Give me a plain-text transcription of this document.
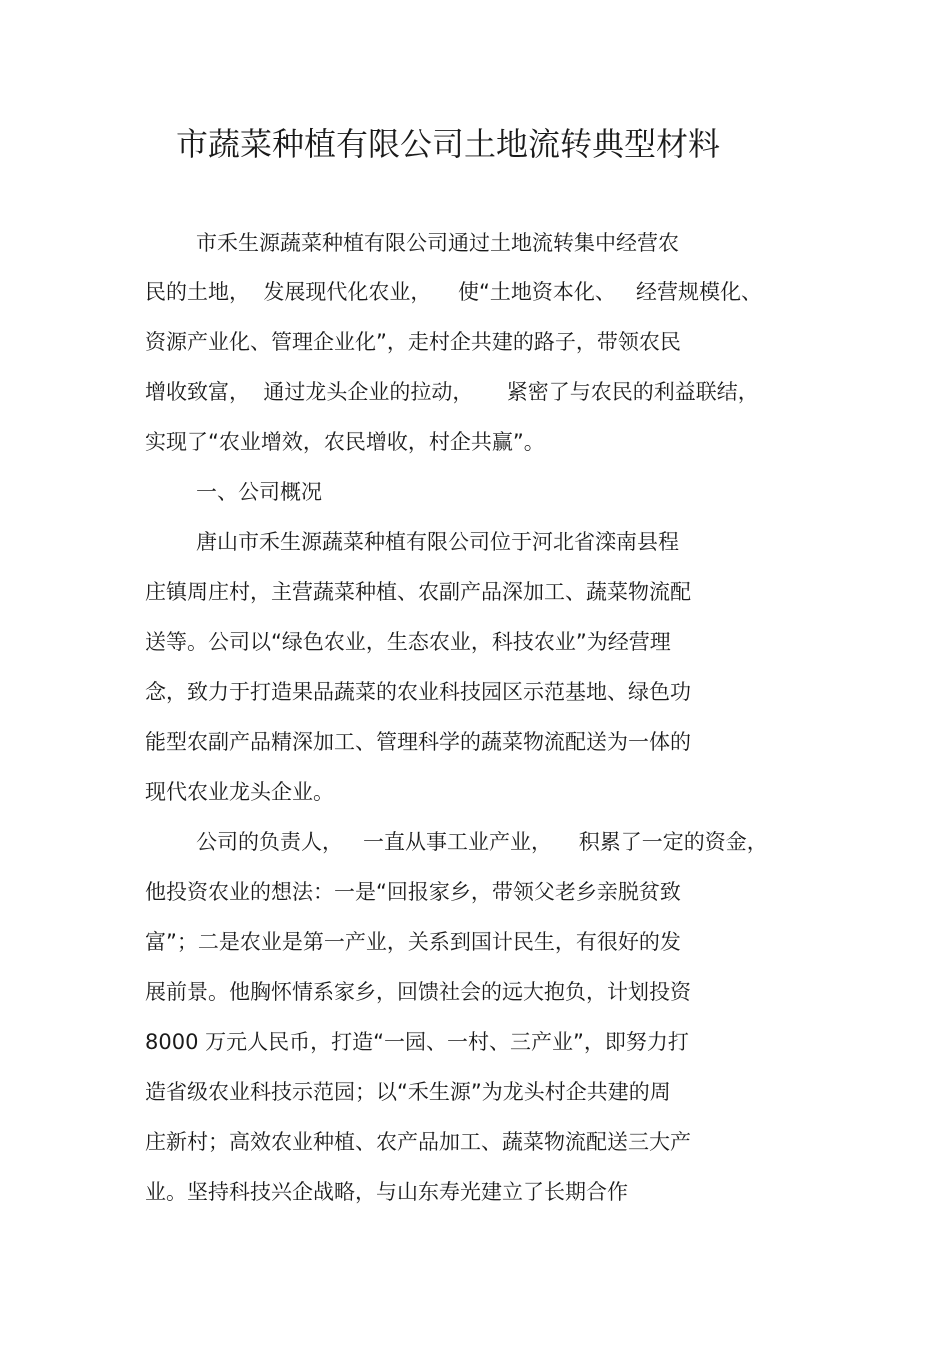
市蔬菜种植有限公司土地流转典型材料

市禾生源蔬菜种植有限公司通过土地流转集中经营农

民的土地，  发展现代化农业，    使“土地资本化、   经营规模化、

资源产业化、管理企业化”，走村企共建的路子，带领农民

增收致富，  通过龙头企业的拉动，     紧密了与农民的利益联结，

实现了“农业增效，农民增收，村企共赢”。

一、公司概况

唐山市禾生源蔬菜种植有限公司位于河北省滦南县程

庄镇周庄村，主营蔬菜种植、农副产品深加工、蔬菜物流配

送等。公司以“绿色农业，生态农业，科技农业”为经营理

念，致力于打造果品蔬菜的农业科技园区示范基地、绿色功

能型农副产品精深加工、管理科学的蔬菜物流配送为一体的

现代农业龙头企业。

公司的负责人，   一直从事工业产业，    积累了一定的资金，

他投资农业的想法：一是“回报家乡，带领父老乡亲脱贫致

富”；二是农业是第一产业，关系到国计民生，有很好的发

展前景。他胸怀情系家乡，回馈社会的远大抱负，计划投资

8000 万元人民币，打造“一园、一村、三产业”，即努力打

造省级农业科技示范园；以“禾生源”为龙头村企共建的周

庄新村；高效农业种植、农产品加工、蔬菜物流配送三大产

业。坚持科技兴企战略，与山东寿光建立了长期合作
